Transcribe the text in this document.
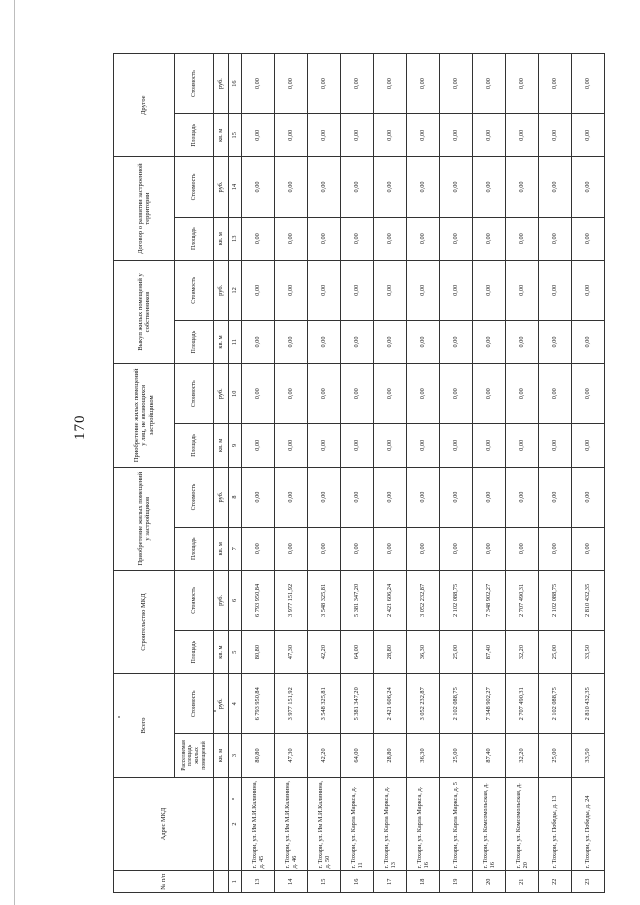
170
№ п/п	Адрес МКД	Всего		Строительство МКД		Приобретение жилых помещений у застройщиков		Приобретение жилых помещений у лиц, не являющихся застройщиком		Выкуп жилых помещений у собственников		Договор о развитии застроенной территории		Другое	
		Расселяемая площадь жилых помещений	Стоимость	Площадь	Стоимость	Площадь	Стоимость	Площадь	Стоимость	Площадь	Стоимость	Площадь	Стоимость	Площадь	Стоимость
		кв. м	руб.	кв. м	руб.	кв. м	руб.	кв. м	руб.	кв. м	руб.	кв. м	руб.	кв. м	руб.
1	2	3	4	5	6	7	8	9	10	11	12	13	14	15	16
13	г. Тохари, ул. Им М.И.Калинина, д. 45	80,80	6 793 950,84	80,80	6 793 950,84	0,00	0,00	0,00	0,00	0,00	0,00	0,00	0,00	0,00	0,00
14	г. Тохари, ул. Им М.И.Калинина, д. 46	47,30	3 977 151,92	47,30	3 977 151,92	0,00	0,00	0,00	0,00	0,00	0,00	0,00	0,00	0,00	0,00
15	г. Тохари, ул. Им М.И.Калинина, д. 50	42,20	3 548 325,81	42,20	3 548 325,81	0,00	0,00	0,00	0,00	0,00	0,00	0,00	0,00	0,00	0,00
16	г. Тохари, ул. Карла Маркса, д. 11	64,00	5 381 347,20	64,00	5 381 347,20	0,00	0,00	0,00	0,00	0,00	0,00	0,00	0,00	0,00	0,00
17	г. Тохари, ул. Карла Маркса, д. 13	28,80	2 421 606,24	28,80	2 421 606,24	0,00	0,00	0,00	0,00	0,00	0,00	0,00	0,00	0,00	0,00
18	г. Тохари, ул. Карла Маркса, д. 16	36,30	3 052 232,87	36,30	3 052 232,87	0,00	0,00	0,00	0,00	0,00	0,00	0,00	0,00	0,00	0,00
19	г. Тохари, ул. Карла Маркса, д. 5	25,00	2 102 088,75	25,00	2 102 088,75	0,00	0,00	0,00	0,00	0,00	0,00	0,00	0,00	0,00	0,00
20	г. Тохари, ул. Комсомольская, д. 16	87,40	7 348 902,27	87,40	7 348 902,27	0,00	0,00	0,00	0,00	0,00	0,00	0,00	0,00	0,00	0,00
21	г. Тохари, ул. Комсомольская, д. 20	32,20	2 707 490,31	32,20	2 707 490,31	0,00	0,00	0,00	0,00	0,00	0,00	0,00	0,00	0,00	0,00
22	г. Тохари, ул. Победы, д. 13	25,00	2 102 088,75	25,00	2 102 088,75	0,00	0,00	0,00	0,00	0,00	0,00	0,00	0,00	0,00	0,00
23	г. Тохари, ул. Победы, д. 24	33,50	2 810 432,35	33,50	2 810 432,35	0,00	0,00	0,00	0,00	0,00	0,00	0,00	0,00	0,00	0,00
